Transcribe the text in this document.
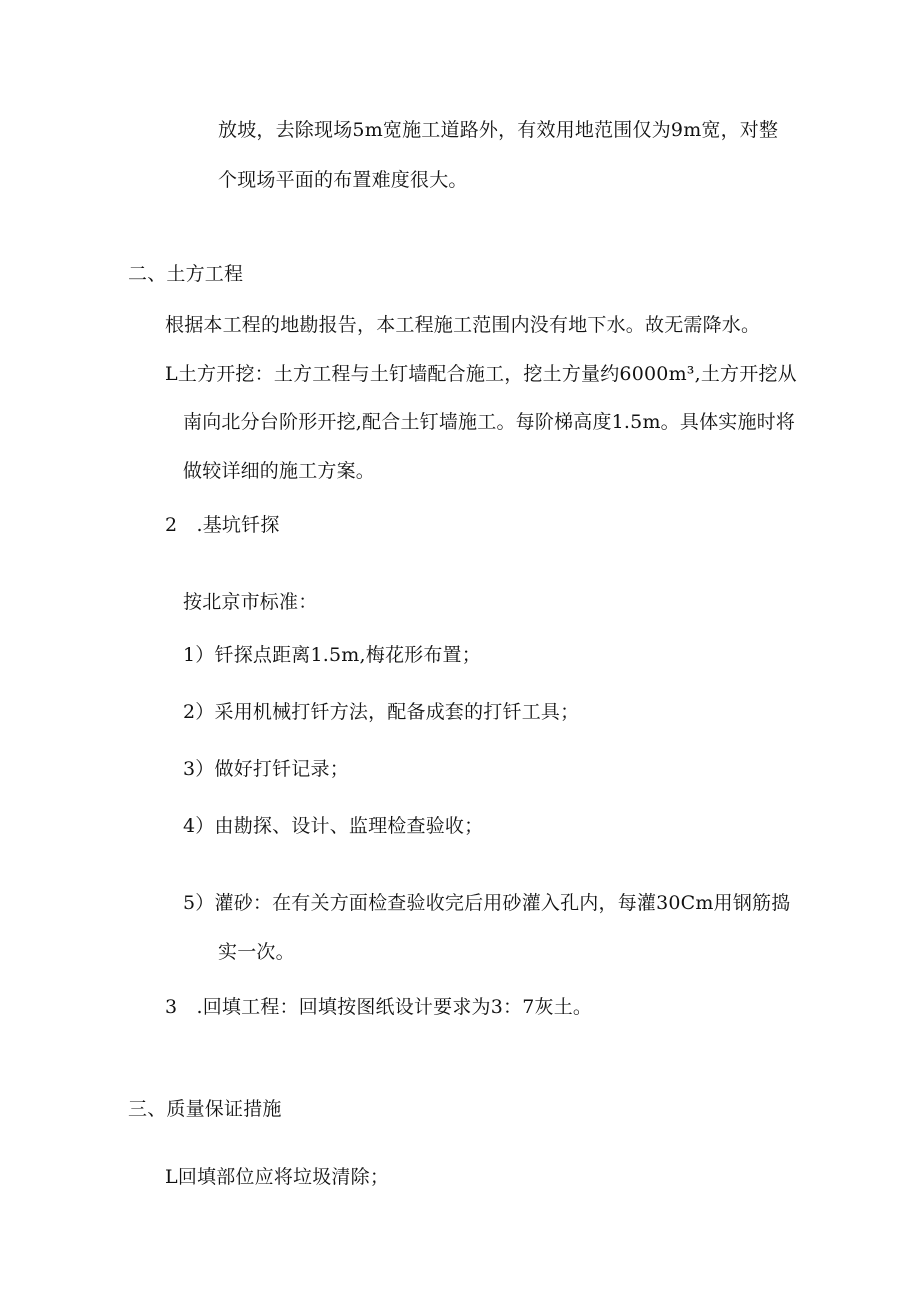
放坡，去除现场5m宽施工道路外，有效用地范围仅为9m宽，对整
个现场平面的布置难度很大。
二、土方工程
根据本工程的地勘报告，本工程施工范围内没有地下水。故无需降水。
L土方开挖：土方工程与土钉墙配合施工，挖土方量约6000m³,土方开挖从
南向北分台阶形开挖,配合土钉墙施工。每阶梯高度1.5m。具体实施时将
做较详细的施工方案。
2　.基坑钎探
按北京市标准：
1）钎探点距离1.5m,梅花形布置；
2）采用机械打钎方法，配备成套的打钎工具；
3）做好打钎记录；
4）由勘探、设计、监理检查验收；
5）灌砂：在有关方面检查验收完后用砂灌入孔内，每灌30Cm用钢筋捣
实一次。
3　.回填工程：回填按图纸设计要求为3：7灰土。
三、质量保证措施
L回填部位应将垃圾清除；
